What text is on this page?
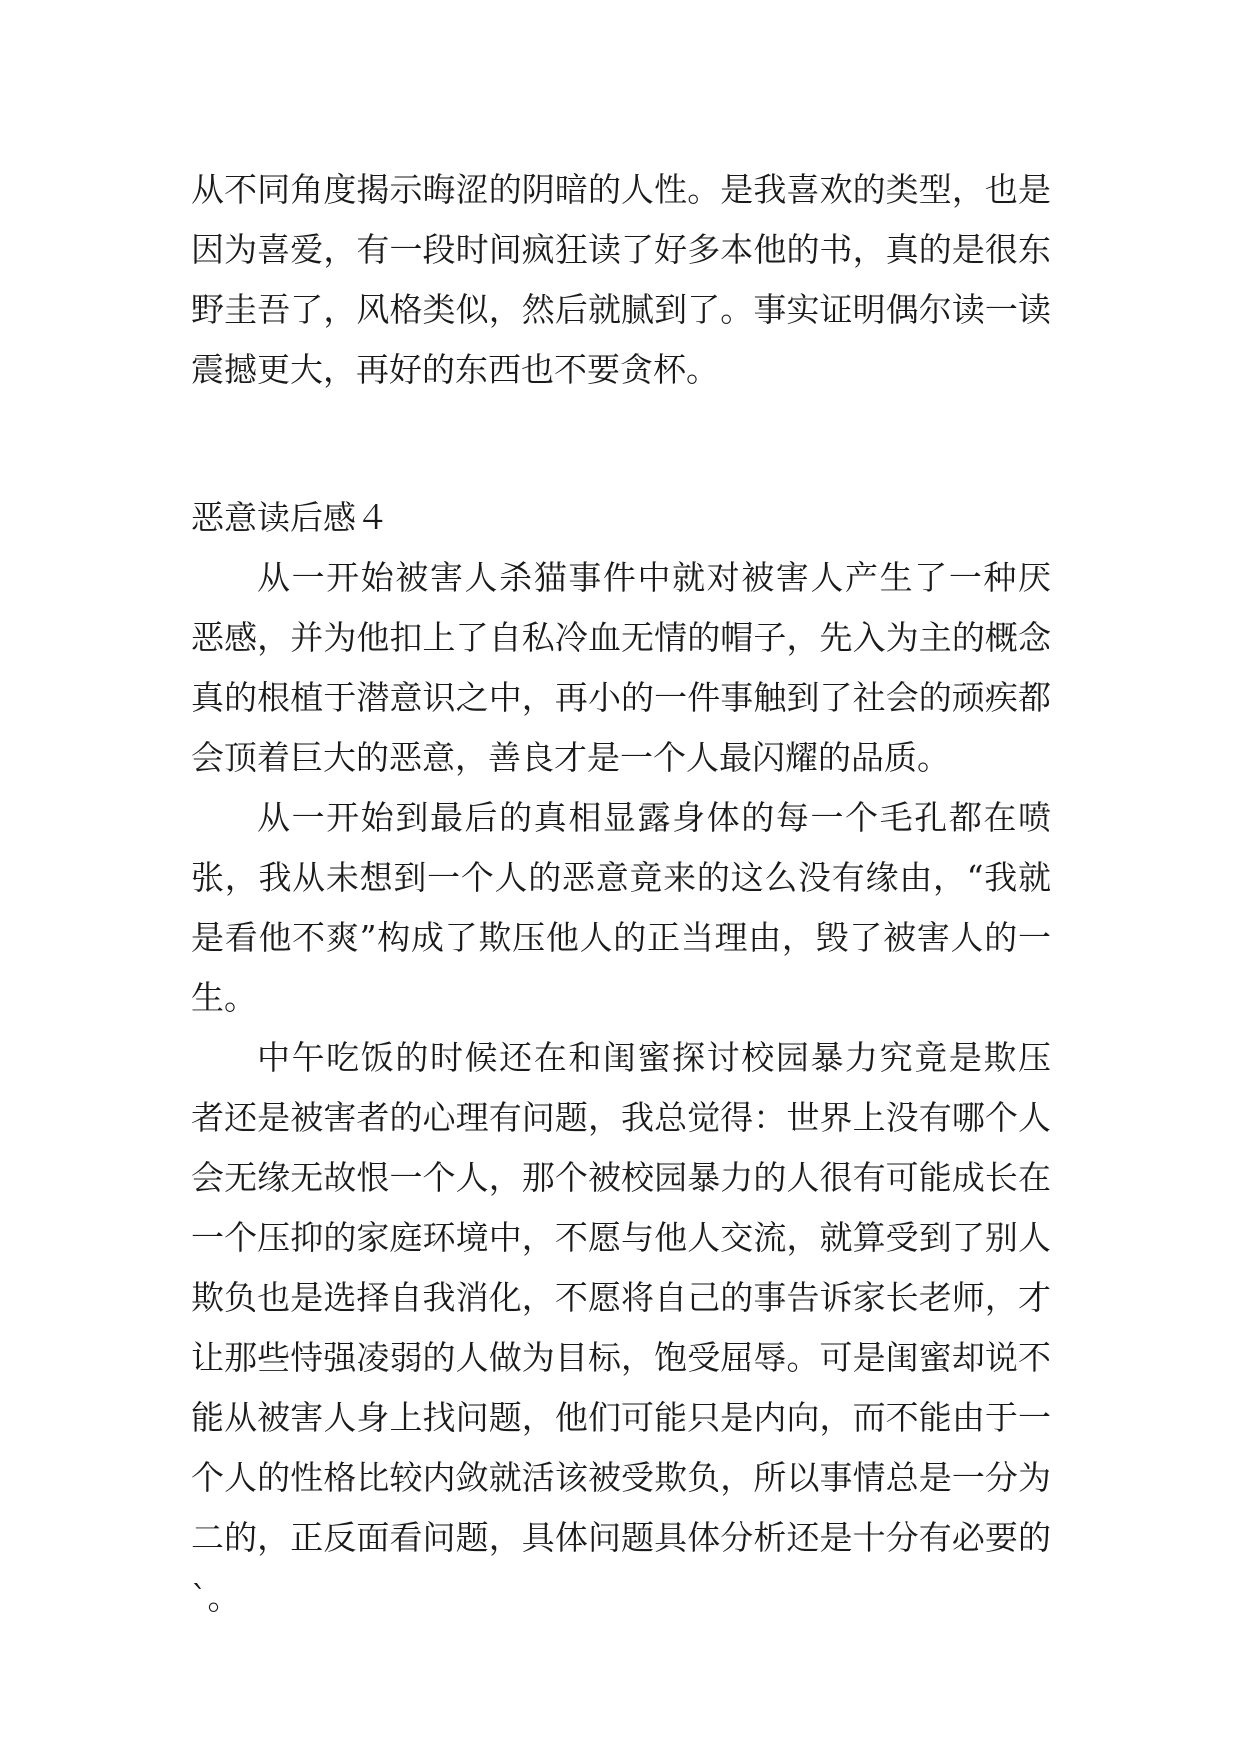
从不同角度揭示晦涩的阴暗的人性。是我喜欢的类型，也是
因为喜爱，有一段时间疯狂读了好多本他的书，真的是很东
野圭吾了，风格类似，然后就腻到了。事实证明偶尔读一读
震撼更大，再好的东西也不要贪杯。
恶意读后感４
从一开始被害人杀猫事件中就对被害人产生了一种厌
恶感，并为他扣上了自私冷血无情的帽子，先入为主的概念
真的根植于潜意识之中，再小的一件事触到了社会的顽疾都
会顶着巨大的恶意，善良才是一个人最闪耀的品质。
从一开始到最后的真相显露身体的每一个毛孔都在喷
张，我从未想到一个人的恶意竟来的这么没有缘由，“我就
是看他不爽”构成了欺压他人的正当理由，毁了被害人的一
生。
中午吃饭的时候还在和闺蜜探讨校园暴力究竟是欺压
者还是被害者的心理有问题，我总觉得：世界上没有哪个人
会无缘无故恨一个人，那个被校园暴力的人很有可能成长在
一个压抑的家庭环境中，不愿与他人交流，就算受到了别人
欺负也是选择自我消化，不愿将自己的事告诉家长老师，才
让那些恃强凌弱的人做为目标，饱受屈辱。可是闺蜜却说不
能从被害人身上找问题，他们可能只是内向，而不能由于一
个人的性格比较内敛就活该被受欺负，所以事情总是一分为
二的，正反面看问题，具体问题具体分析还是十分有必要的
`。
